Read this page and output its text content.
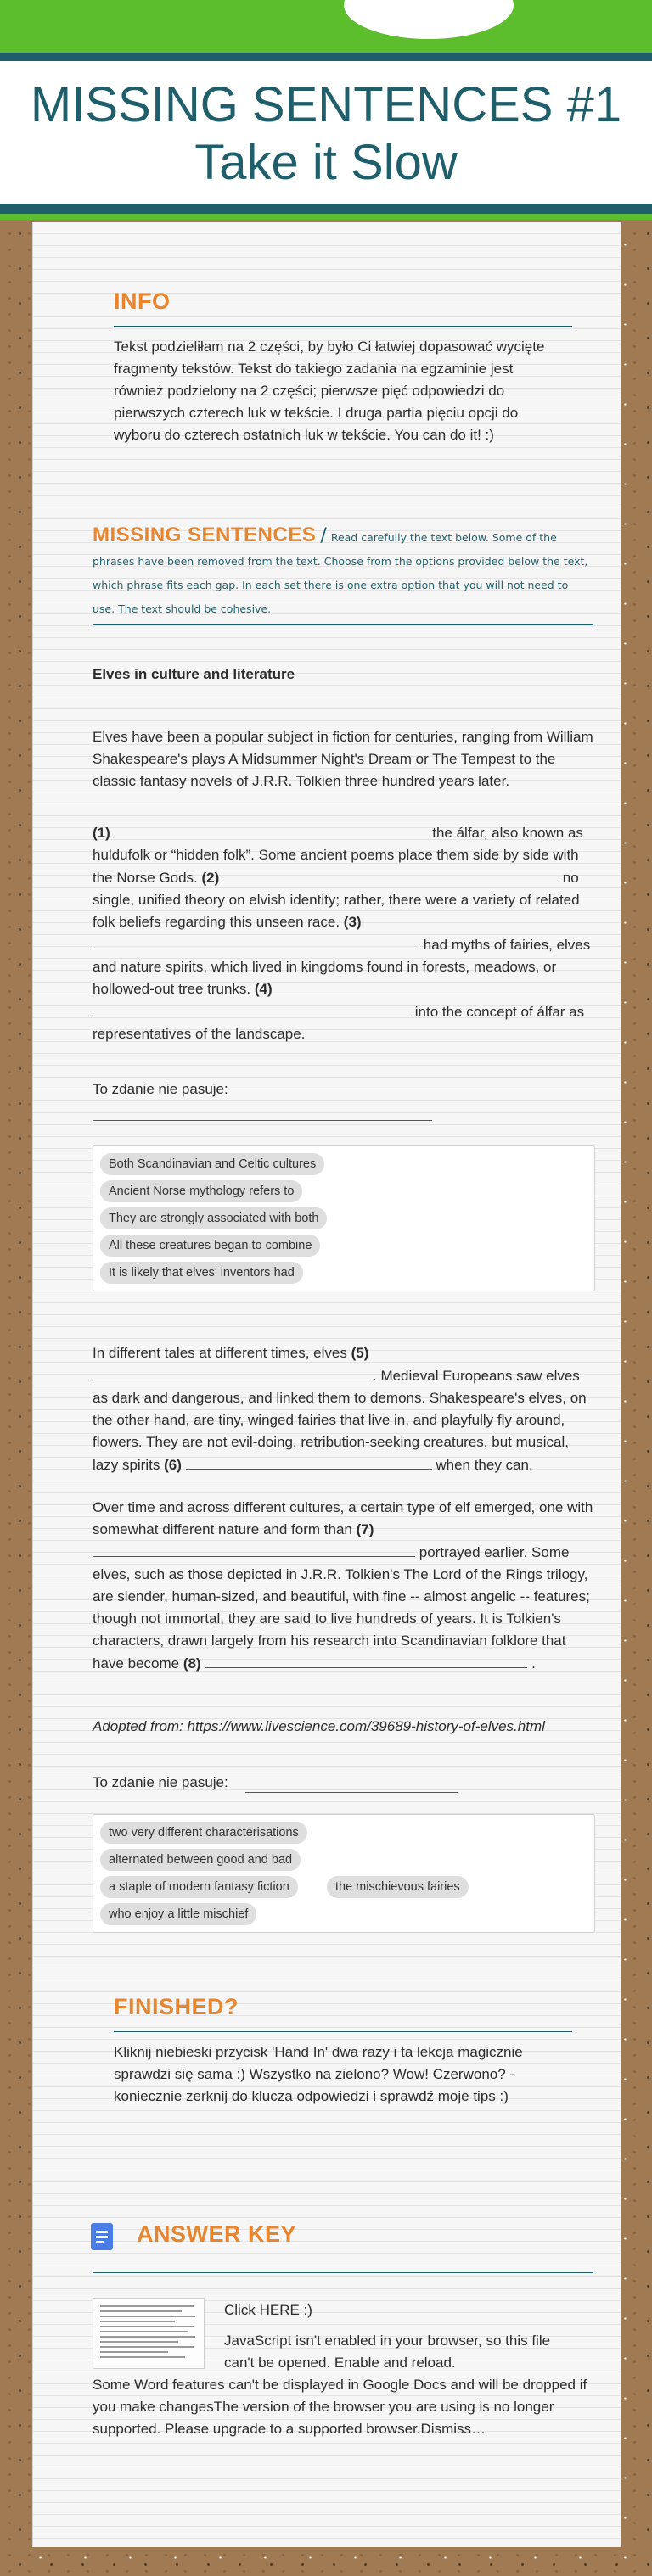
MISSING SENTENCES #1
Take it Slow
INFO
Tekst podzieliłam na 2 części, by było Ci łatwiej dopasować wycięte fragmenty tekstów. Tekst do takiego zadania na egzaminie jest również podzielony na 2 części; pierwsze pięć odpowiedzi do pierwszych czterech luk w tekście. I druga partia pięciu opcji do wyboru do czterech ostatnich luk w tekście. You can do it! :)
MISSING SENTENCES / Read carefully the text below. Some of the phrases have been removed from the text. Choose from the options provided below the text, which phrase fits each gap. In each set there is one extra option that you will not need to use. The text should be cohesive.
Elves in culture and literature
Elves have been a popular subject in fiction for centuries, ranging from William Shakespeare's plays A Midsummer Night's Dream or The Tempest to the classic fantasy novels of J.R.R. Tolkien three hundred years later.
(1)	the álfar, also known as huldufolk or “hidden folk”. Some ancient poems place them side by side with the Norse Gods. (2)	no single, unified theory on elvish identity; rather, there were a variety of related folk beliefs regarding this unseen race. (3)  had myths of fairies, elves and nature spirits, which lived in kingdoms found in forests, meadows, or hollowed-out tree trunks. (4)  into the concept of álfar as representatives of the landscape.
To zdanie nie pasuje:
Both Scandinavian and Celtic cultures
Ancient Norse mythology refers to
They are strongly associated with both
All these creatures began to combine
It is likely that elves' inventors had
In different tales at different times, elves (5) . Medieval Europeans saw elves as dark and dangerous, and linked them to demons. Shakespeare's elves, on the other hand, are tiny, winged fairies that live in, and playfully fly around, flowers. They are not evil-doing, retribution-seeking creatures, but musical, lazy spirits (6)	when they can.
Over time and across different cultures, a certain type of elf emerged, one with somewhat different nature and form than (7)  portrayed earlier. Some elves, such as those depicted in J.R.R. Tolkien's The Lord of the Rings trilogy, are slender, human-sized, and beautiful, with fine -- almost angelic -- features; though not immortal, they are said to live hundreds of years. It is Tolkien's characters, drawn largely from his research into Scandinavian folklore that have become (8)	.
Adopted from: https://www.livescience.com/39689-history-of-elves.html
To zdanie nie pasuje:
two very different characterisations
alternated between good and bad
a staple of modern fantasy fiction	the mischievous fairies
who enjoy a little mischief
FINISHED?
Kliknij niebieski przycisk 'Hand In' dwa razy i ta lekcja magicznie sprawdzi się sama :) Wszystko na zielono? Wow! Czerwono? - koniecznie zerknij do klucza odpowiedzi i sprawdź moje tips :)
ANSWER KEY
Click HERE :)
JavaScript isn't enabled in your browser, so this file can't be opened. Enable and reload.
Some Word features can't be displayed in Google Docs and will be dropped if you make changesThe version of the browser you are using is no longer supported. Please upgrade to a supported browser.Dismiss…
